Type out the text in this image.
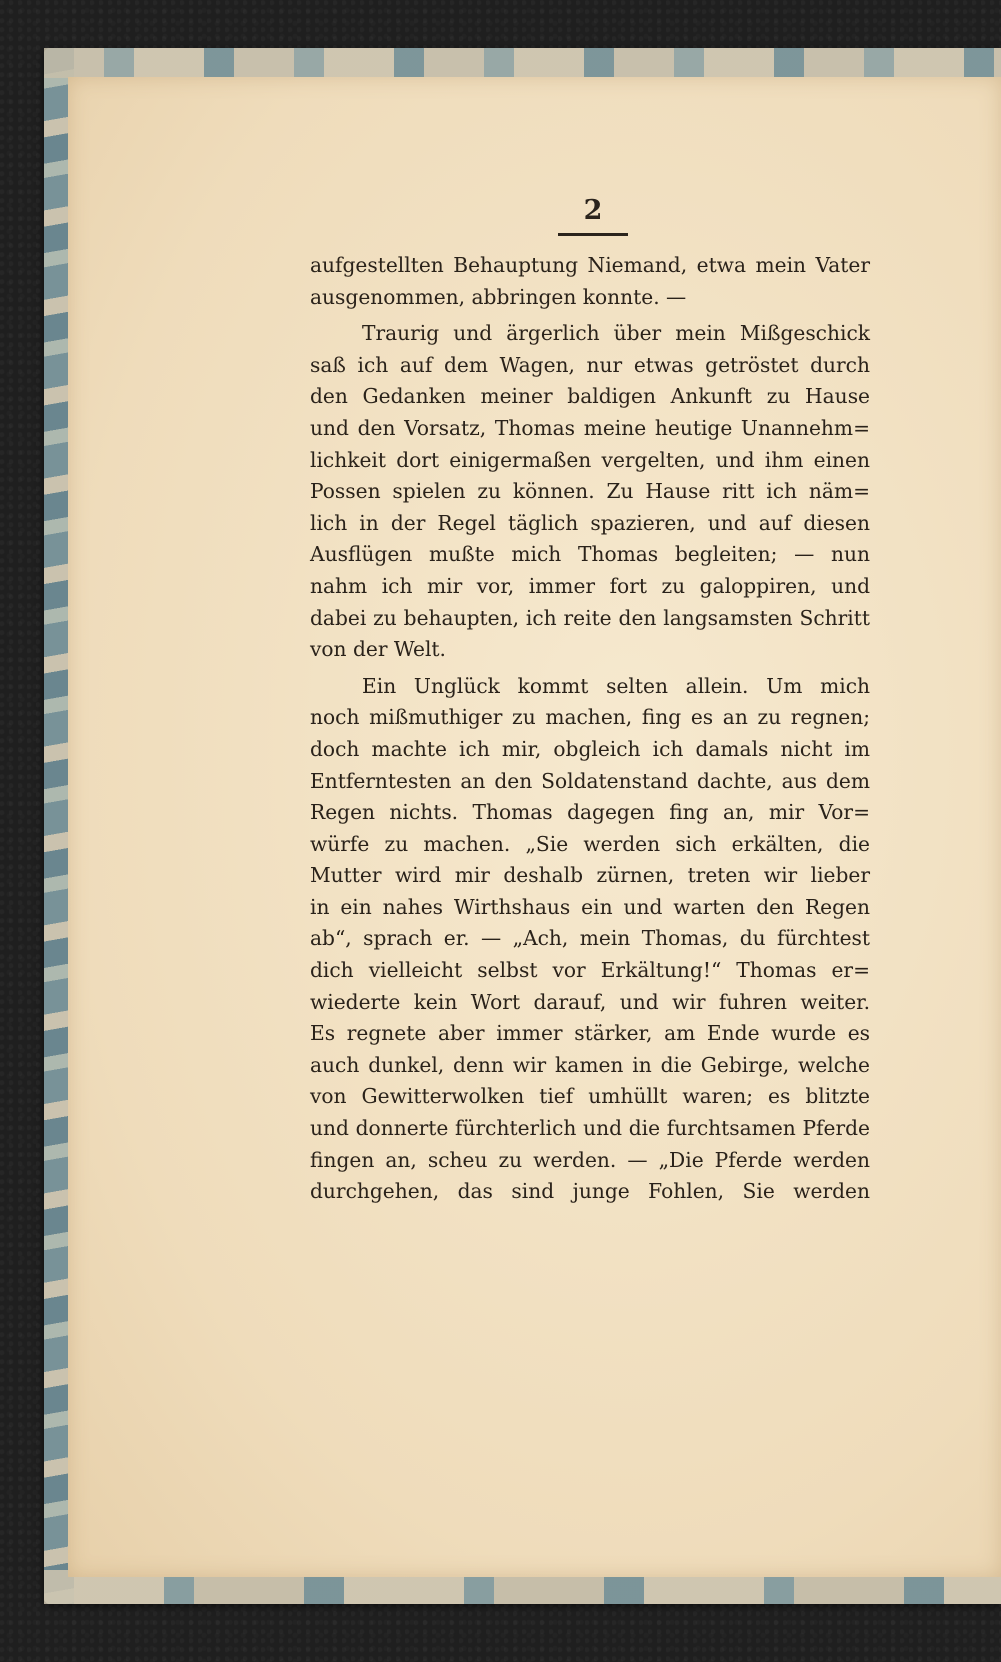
2
aufgestellten Behauptung Niemand, etwa mein Vater
ausgenommen, abbringen konnte. —
Traurig und ärgerlich über mein Mißgeschick
saß ich auf dem Wagen, nur etwas getröstet durch
den Gedanken meiner baldigen Ankunft zu Hause
und den Vorsatz, Thomas meine heutige Unannehm=
lichkeit dort einigermaßen vergelten, und ihm einen
Possen spielen zu können. Zu Hause ritt ich näm=
lich in der Regel täglich spazieren, und auf diesen
Ausflügen mußte mich Thomas begleiten; — nun
nahm ich mir vor, immer fort zu galoppiren, und
dabei zu behaupten, ich reite den langsamsten Schritt
von der Welt.
Ein Unglück kommt selten allein. Um mich
noch mißmuthiger zu machen, fing es an zu regnen;
doch machte ich mir, obgleich ich damals nicht im
Entferntesten an den Soldatenstand dachte, aus dem
Regen nichts. Thomas dagegen fing an, mir Vor=
würfe zu machen. „Sie werden sich erkälten, die
Mutter wird mir deshalb zürnen, treten wir lieber
in ein nahes Wirthshaus ein und warten den Regen
ab“, sprach er. — „Ach, mein Thomas, du fürchtest
dich vielleicht selbst vor Erkältung!“ Thomas er=
wiederte kein Wort darauf, und wir fuhren weiter.
Es regnete aber immer stärker, am Ende wurde es
auch dunkel, denn wir kamen in die Gebirge, welche
von Gewitterwolken tief umhüllt waren; es blitzte
und donnerte fürchterlich und die furchtsamen Pferde
fingen an, scheu zu werden. — „Die Pferde werden
durchgehen, das sind junge Fohlen, Sie werden
